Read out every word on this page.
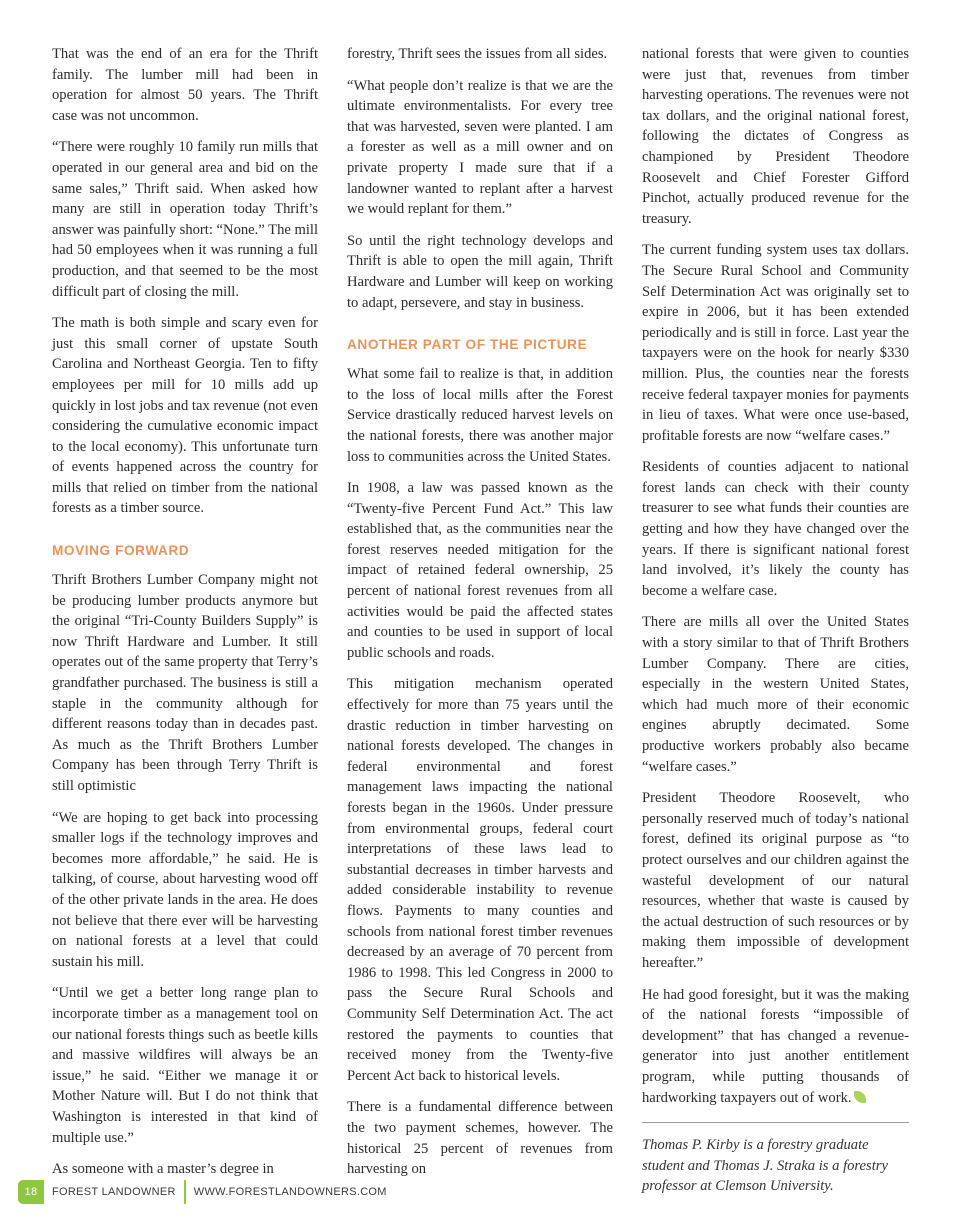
That was the end of an era for the Thrift family. The lumber mill had been in operation for almost 50 years. The Thrift case was not uncommon.

“There were roughly 10 family run mills that operated in our general area and bid on the same sales,” Thrift said. When asked how many are still in operation today Thrift’s answer was painfully short: “None.” The mill had 50 employees when it was running a full production, and that seemed to be the most difficult part of closing the mill.

The math is both simple and scary even for just this small corner of upstate South Carolina and Northeast Georgia. Ten to fifty employees per mill for 10 mills add up quickly in lost jobs and tax revenue (not even considering the cumulative economic impact to the local economy). This unfortunate turn of events happened across the country for mills that relied on timber from the national forests as a timber source.

MOVING FORWARD

Thrift Brothers Lumber Company might not be producing lumber products anymore but the original “Tri-County Builders Supply” is now Thrift Hardware and Lumber. It still operates out of the same property that Terry’s grandfather purchased. The business is still a staple in the community although for different reasons today than in decades past. As much as the Thrift Brothers Lumber Company has been through Terry Thrift is still optimistic

“We are hoping to get back into processing smaller logs if the technology improves and becomes more affordable,” he said. He is talking, of course, about harvesting wood off of the other private lands in the area. He does not believe that there ever will be harvesting on national forests at a level that could sustain his mill.

“Until we get a better long range plan to incorporate timber as a management tool on our national forests things such as beetle kills and massive wildfires will always be an issue,” he said. “Either we manage it or Mother Nature will. But I do not think that Washington is interested in that kind of multiple use.”

As someone with a master’s degree in

forestry, Thrift sees the issues from all sides.

“What people don’t realize is that we are the ultimate environmentalists. For every tree that was harvested, seven were planted. I am a forester as well as a mill owner and on private property I made sure that if a landowner wanted to replant after a harvest we would replant for them.”

So until the right technology develops and Thrift is able to open the mill again, Thrift Hardware and Lumber will keep on working to adapt, persevere, and stay in business.

ANOTHER PART OF THE PICTURE

What some fail to realize is that, in addition to the loss of local mills after the Forest Service drastically reduced harvest levels on the national forests, there was another major loss to communities across the United States.

In 1908, a law was passed known as the “Twenty-five Percent Fund Act.” This law established that, as the communities near the forest reserves needed mitigation for the impact of retained federal ownership, 25 percent of national forest revenues from all activities would be paid the affected states and counties to be used in support of local public schools and roads.

This mitigation mechanism operated effectively for more than 75 years until the drastic reduction in timber harvesting on national forests developed. The changes in federal environmental and forest management laws impacting the national forests began in the 1960s. Under pressure from environmental groups, federal court interpretations of these laws lead to substantial decreases in timber harvests and added considerable instability to revenue flows. Payments to many counties and schools from national forest timber revenues decreased by an average of 70 percent from 1986 to 1998. This led Congress in 2000 to pass the Secure Rural Schools and Community Self Determination Act. The act restored the payments to counties that received money from the Twenty-five Percent Act back to historical levels.

There is a fundamental difference between the two payment schemes, however. The historical 25 percent of revenues from harvesting on

national forests that were given to counties were just that, revenues from timber harvesting operations. The revenues were not tax dollars, and the original national forest, following the dictates of Congress as championed by President Theodore Roosevelt and Chief Forester Gifford Pinchot, actually produced revenue for the treasury.

The current funding system uses tax dollars. The Secure Rural School and Community Self Determination Act was originally set to expire in 2006, but it has been extended periodically and is still in force. Last year the taxpayers were on the hook for nearly $330 million. Plus, the counties near the forests receive federal taxpayer monies for payments in lieu of taxes. What were once use-based, profitable forests are now “welfare cases.”

Residents of counties adjacent to national forest lands can check with their county treasurer to see what funds their counties are getting and how they have changed over the years. If there is significant national forest land involved, it’s likely the county has become a welfare case.

There are mills all over the United States with a story similar to that of Thrift Brothers Lumber Company. There are cities, especially in the western United States, which had much more of their economic engines abruptly decimated. Some productive workers probably also became “welfare cases.”

President Theodore Roosevelt, who personally reserved much of today’s national forest, defined its original purpose as “to protect ourselves and our children against the wasteful development of our natural resources, whether that waste is caused by the actual destruction of such resources or by making them impossible of development hereafter.”

He had good foresight, but it was the making of the national forests “impossible of development” that has changed a revenue-generator into just another entitlement program, while putting thousands of hardworking taxpayers out of work.

Thomas P. Kirby is a forestry graduate student and Thomas J. Straka is a forestry professor at Clemson University.

18	FOREST LANDOWNER WWW.FORESTLANDOWNERS.COM
